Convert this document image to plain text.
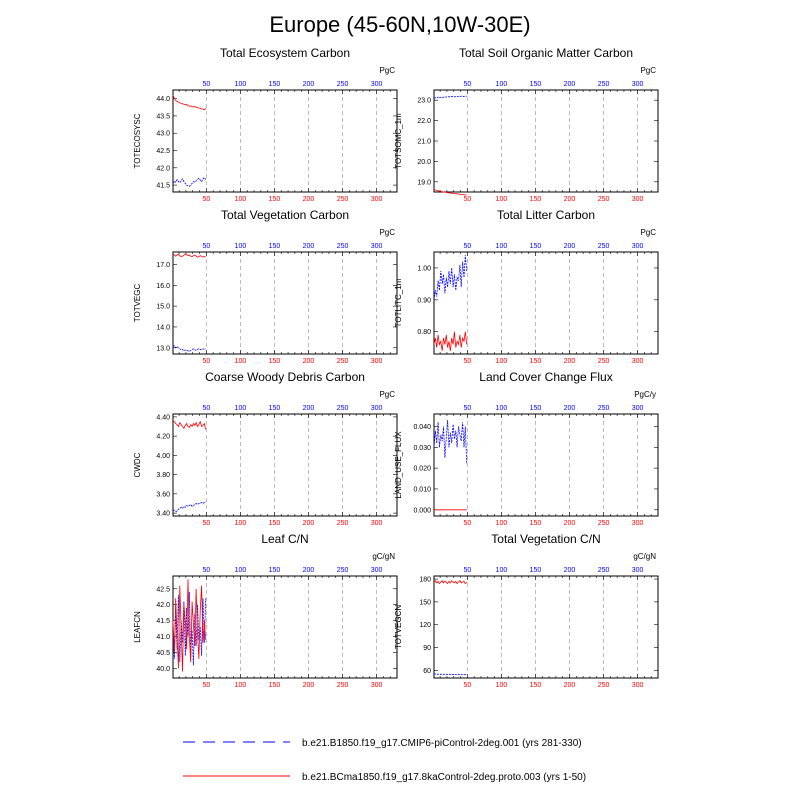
Europe (45-60N,10W-30E)
Total Ecosystem Carbon
PgC
TOTECOSYSC
50
50
100
100
150
150
200
200
250
250
300
300
41.5
42.0
42.5
43.0
43.5
44.0
Total Soil Organic Matter Carbon
PgC
TOTSOMC_1m
50
50
100
100
150
150
200
200
250
250
300
300
19.0
20.0
21.0
22.0
23.0
Total Vegetation Carbon
PgC
TOTVEGC
50
50
100
100
150
150
200
200
250
250
300
300
13.0
14.0
15.0
16.0
17.0
Total Litter Carbon
PgC
TOTLITC_1m
50
50
100
100
150
150
200
200
250
250
300
300
0.80
0.90
1.00
Coarse Woody Debris Carbon
PgC
CWDC
50
50
100
100
150
150
200
200
250
250
300
300
3.40
3.60
3.80
4.00
4.20
4.40
Land Cover Change Flux
PgC/y
LAND_USE_FLUX
50
50
100
100
150
150
200
200
250
250
300
300
0.000
0.010
0.020
0.030
0.040
Leaf C/N
gC/gN
LEAFCN
50
50
100
100
150
150
200
200
250
250
300
300
40.0
40.5
41.0
41.5
42.0
42.5
Total Vegetation C/N
gC/gN
TOTVEGCN
50
50
100
100
150
150
200
200
250
250
300
300
60
90
120
150
180
b.e21.B1850.f19_g17.CMIP6-piControl-2deg.001 (yrs 281-330)
b.e21.BCma1850.f19_g17.8kaControl-2deg.proto.003 (yrs 1-50)
